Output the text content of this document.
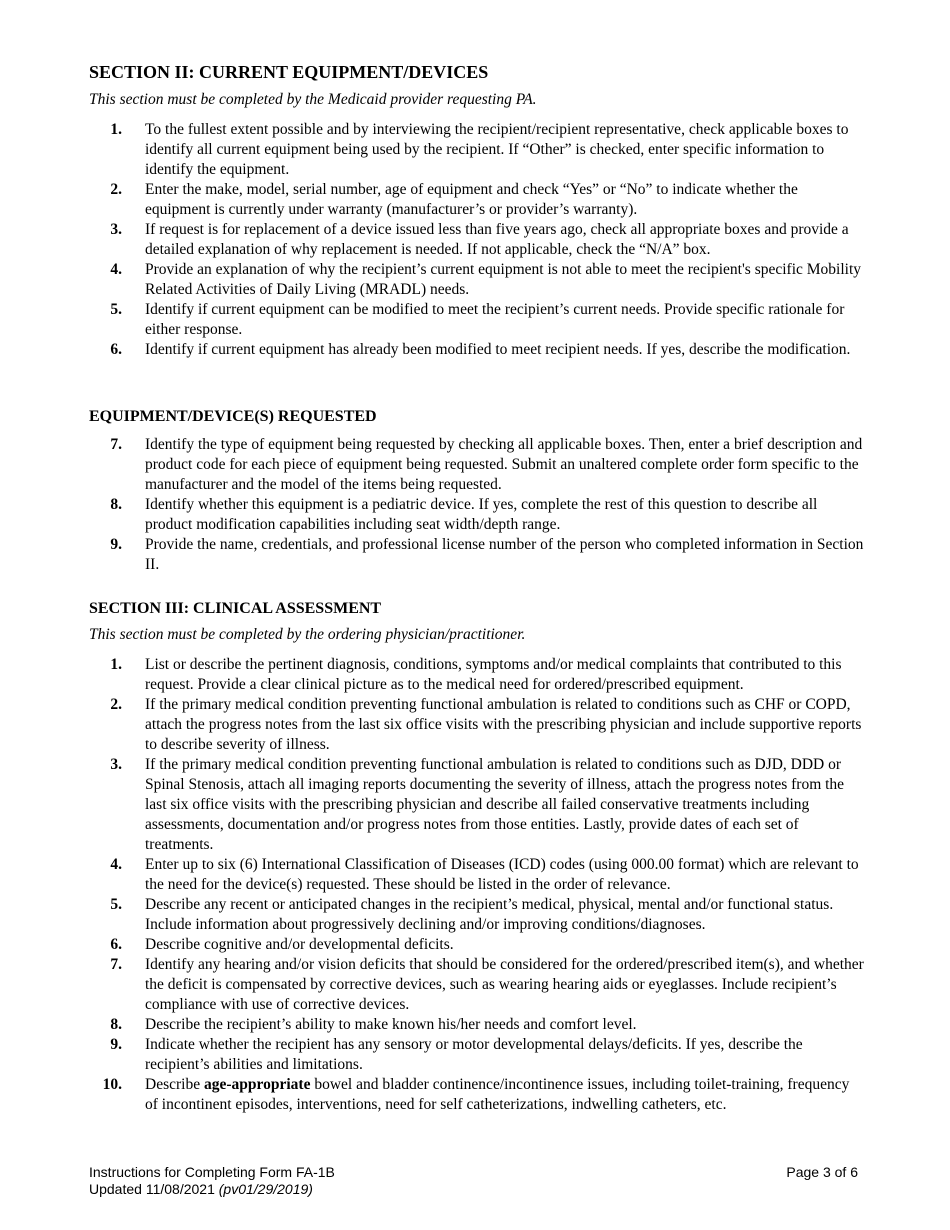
SECTION II: CURRENT EQUIPMENT/DEVICES

This section must be completed by the Medicaid provider requesting PA.

1. To the fullest extent possible and by interviewing the recipient/recipient representative, check applicable boxes to identify all current equipment being used by the recipient. If “Other” is checked, enter specific information to identify the equipment.
2. Enter the make, model, serial number, age of equipment and check “Yes” or “No” to indicate whether the equipment is currently under warranty (manufacturer’s or provider’s warranty).
3. If request is for replacement of a device issued less than five years ago, check all appropriate boxes and provide a detailed explanation of why replacement is needed. If not applicable, check the “N/A” box.
4. Provide an explanation of why the recipient’s current equipment is not able to meet the recipient's specific Mobility Related Activities of Daily Living (MRADL) needs.
5. Identify if current equipment can be modified to meet the recipient’s current needs. Provide specific rationale for either response.
6. Identify if current equipment has already been modified to meet recipient needs. If yes, describe the modification.
EQUIPMENT/DEVICE(S) REQUESTED
7. Identify the type of equipment being requested by checking all applicable boxes. Then, enter a brief description and product code for each piece of equipment being requested. Submit an unaltered complete order form specific to the manufacturer and the model of the items being requested.
8. Identify whether this equipment is a pediatric device. If yes, complete the rest of this question to describe all product modification capabilities including seat width/depth range.
9. Provide the name, credentials, and professional license number of the person who completed information in Section II.
SECTION III: CLINICAL ASSESSMENT

This section must be completed by the ordering physician/practitioner.

1. List or describe the pertinent diagnosis, conditions, symptoms and/or medical complaints that contributed to this request. Provide a clear clinical picture as to the medical need for ordered/prescribed equipment.
2. If the primary medical condition preventing functional ambulation is related to conditions such as CHF or COPD, attach the progress notes from the last six office visits with the prescribing physician and include supportive reports to describe severity of illness.
3. If the primary medical condition preventing functional ambulation is related to conditions such as DJD, DDD or Spinal Stenosis, attach all imaging reports documenting the severity of illness, attach the progress notes from the last six office visits with the prescribing physician and describe all failed conservative treatments including assessments, documentation and/or progress notes from those entities. Lastly, provide dates of each set of treatments.
4. Enter up to six (6) International Classification of Diseases (ICD) codes (using 000.00 format) which are relevant to the need for the device(s) requested. These should be listed in the order of relevance.
5. Describe any recent or anticipated changes in the recipient’s medical, physical, mental and/or functional status. Include information about progressively declining and/or improving conditions/diagnoses.
6. Describe cognitive and/or developmental deficits.
7. Identify any hearing and/or vision deficits that should be considered for the ordered/prescribed item(s), and whether the deficit is compensated by corrective devices, such as wearing hearing aids or eyeglasses. Include recipient’s compliance with use of corrective devices.
8. Describe the recipient’s ability to make known his/her needs and comfort level.
9. Indicate whether the recipient has any sensory or motor developmental delays/deficits. If yes, describe the recipient’s abilities and limitations.
10. Describe age-appropriate bowel and bladder continence/incontinence issues, including toilet-training, frequency of incontinent episodes, interventions, need for self catheterizations, indwelling catheters, etc.
Instructions for Completing Form FA-1B
Updated 11/08/2021 (pv01/29/2019)
Page 3 of 6
